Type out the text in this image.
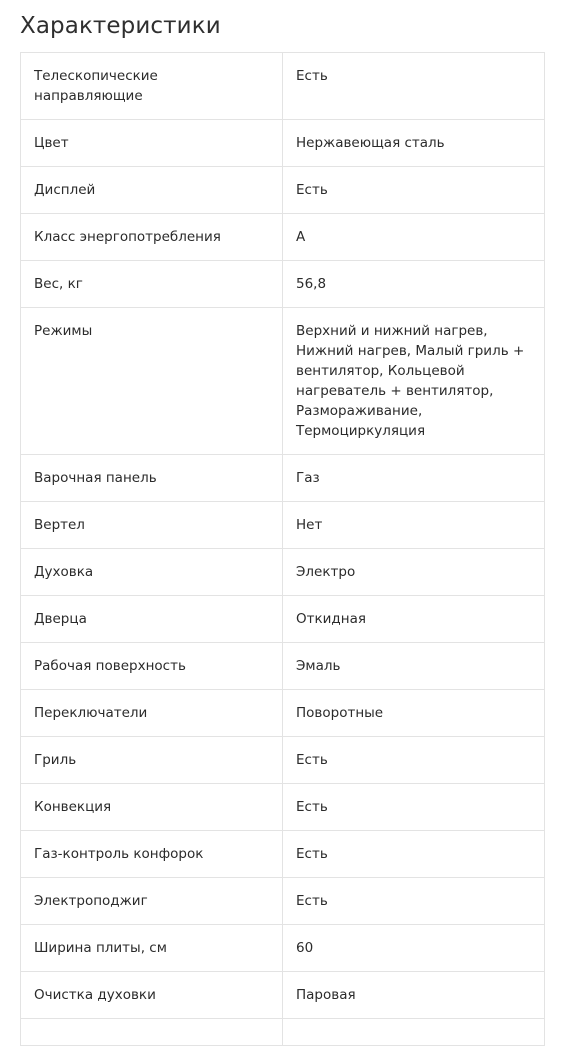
Характеристики
Телескопические направляющие	Есть
Цвет	Нержавеющая сталь
Дисплей	Есть
Класс энергопотребления	A
Вес, кг	56,8
Режимы	Верхний и нижний нагрев, Нижний нагрев, Малый гриль + вентилятор, Кольцевой нагреватель + вентилятор, Размораживание, Термоциркуляция
Варочная панель	Газ
Вертел	Нет
Духовка	Электро
Дверца	Откидная
Рабочая поверхность	Эмаль
Переключатели	Поворотные
Гриль	Есть
Конвекция	Есть
Газ-контроль конфорок	Есть
Электроподжиг	Есть
Ширина плиты, см	60
Очистка духовки	Паровая
